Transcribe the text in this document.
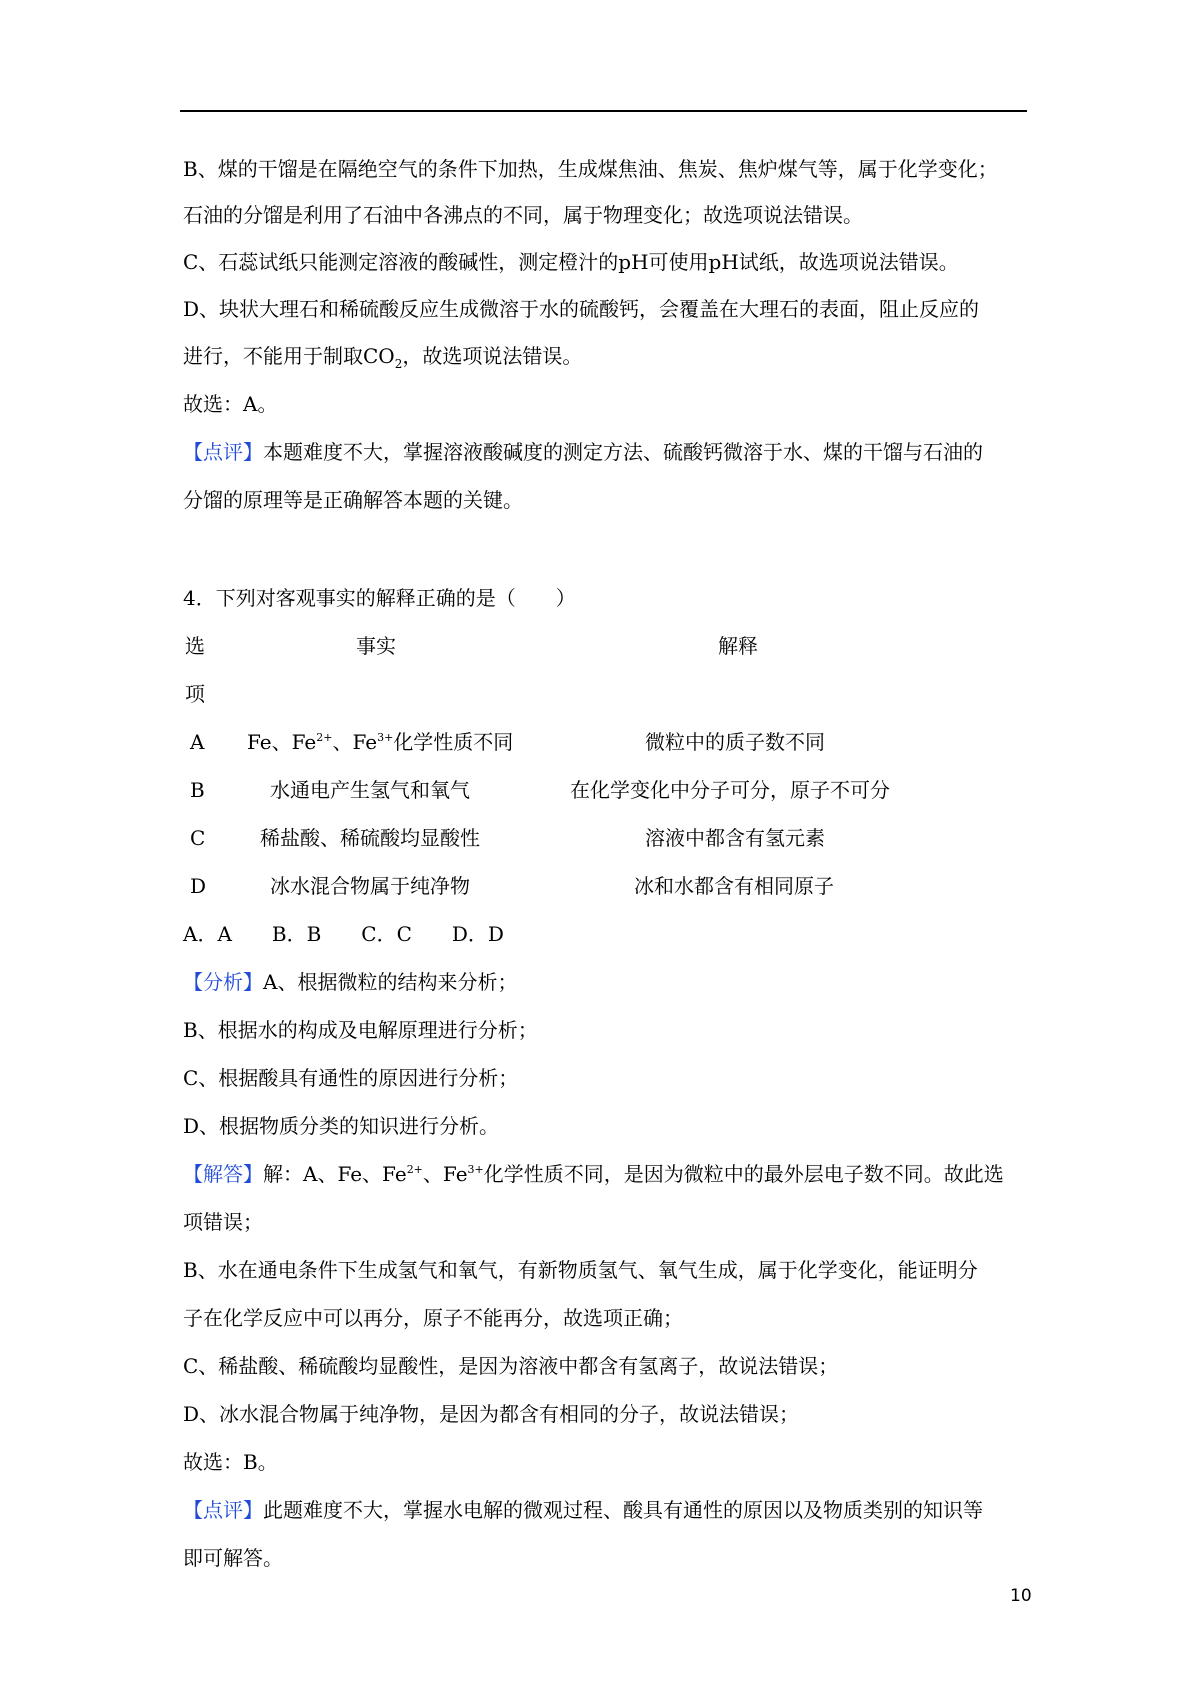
B、煤的干馏是在隔绝空气的条件下加热，生成煤焦油、焦炭、焦炉煤气等，属于化学变化；
石油的分馏是利用了石油中各沸点的不同，属于物理变化；故选项说法错误。
C、石蕊试纸只能测定溶液的酸碱性，测定橙汁的pH可使用pH试纸，故选项说法错误。
D、块状大理石和稀硫酸反应生成微溶于水的硫酸钙，会覆盖在大理石的表面，阻止反应的
进行，不能用于制取$CO_2$，故选项说法错误。
故选：A。
【点评】本题难度不大，掌握溶液酸碱度的测定方法、硫酸钙微溶于水、煤的干馏与石油的
分馏的原理等是正确解答本题的关键。
4．下列对客观事实的解释正确的是（　　）
选
项
事实	解释
A Fe、$Fe^{2+}$、$Fe^{3+}$化学性质不同	微粒中的质子数不同
B	水通电产生氢气和氧气	在化学变化中分子可分，原子不可分
C	稀盐酸、稀硫酸均显酸性	溶液中都含有氢元素
D	冰水混合物属于纯净物	冰和水都含有相同原子
A．A　　B．B　　C．C　　D．D
【分析】A、根据微粒的结构来分析；
B、根据水的构成及电解原理进行分析；
C、根据酸具有通性的原因进行分析；
D、根据物质分类的知识进行分析。
【解答】解：A、Fe、$Fe^{2+}$、$Fe^{3+}$化学性质不同，是因为微粒中的最外层电子数不同。故此选
项错误；
B、水在通电条件下生成氢气和氧气，有新物质氢气、氧气生成，属于化学变化，能证明分
子在化学反应中可以再分，原子不能再分，故选项正确；
C、稀盐酸、稀硫酸均显酸性，是因为溶液中都含有氢离子，故说法错误；
D、冰水混合物属于纯净物，是因为都含有相同的分子，故说法错误；
故选：B。
【点评】此题难度不大，掌握水电解的微观过程、酸具有通性的原因以及物质类别的知识等
即可解答。
10
